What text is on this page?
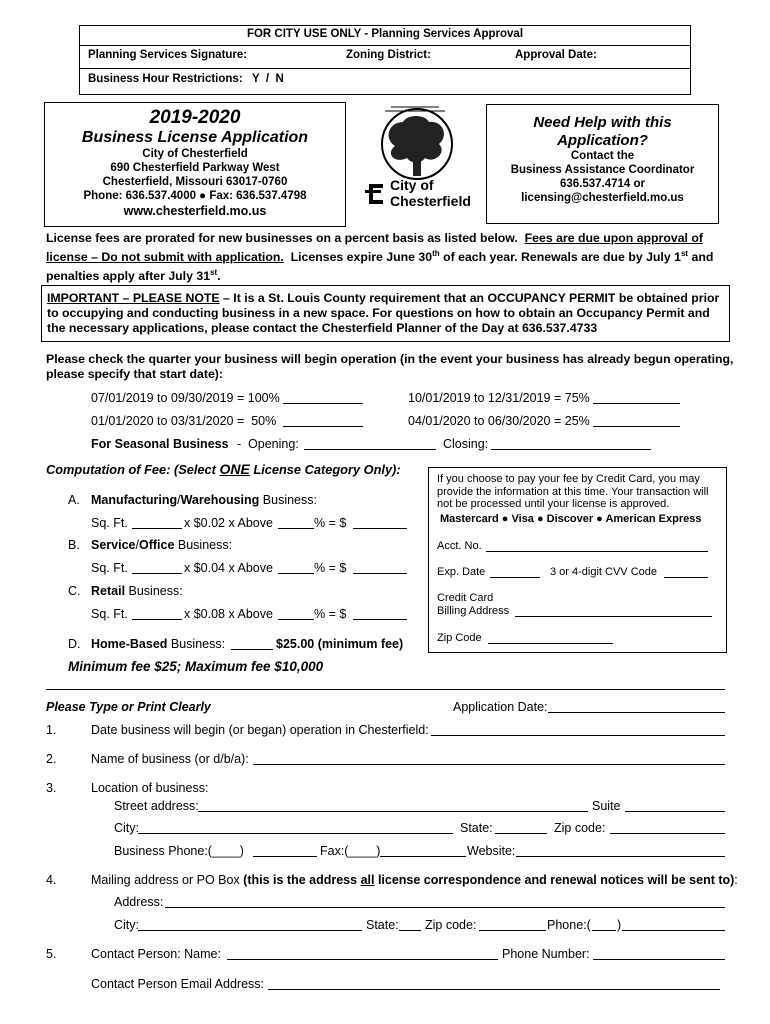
FOR CITY USE ONLY - Planning Services Approval
Planning Services Signature:	Zoning District:	Approval Date:
Business Hour Restrictions:   Y  /  N
2019-2020
Business License Application
City of Chesterfield
690 Chesterfield Parkway West
Chesterfield, Missouri 63017-0760
Phone: 636.537.4000 ● Fax: 636.537.4798
www.chesterfield.mo.us
City of
Chesterfield
Need Help with this
Application?
Contact the
Business Assistance Coordinator
636.537.4714 or
licensing@chesterfield.mo.us
License fees are prorated for new businesses on a percent basis as listed below.  Fees are due upon approval of license – Do not submit with application.  Licenses expire June 30th of each year. Renewals are due by July 1st and penalties apply after July 31st.
IMPORTANT – PLEASE NOTE – It is a St. Louis County requirement that an OCCUPANCY PERMIT be obtained prior to occupying and conducting business in a new space. For questions on how to obtain an Occupancy Permit and the necessary applications, please contact the Chesterfield Planner of the Day at 636.537.4733
Please check the quarter your business will begin operation (in the event your business has already begun operating, please specify that start date):
07/01/2019 to 09/30/2019 = 100%	10/01/2019 to 12/31/2019 = 75%
01/01/2020 to 03/31/2020 =  50%	04/01/2020 to 06/30/2020 = 25%
For Seasonal Business -  Opening:	Closing:
Computation of Fee: (Select ONE License Category Only):
A. Manufacturing/Warehousing Business:
Sq. Ft.	x $0.02 x Above	% = $
B. Service/Office Business:
Sq. Ft.	x $0.04 x Above	% = $
C. Retail Business:
Sq. Ft.	x $0.08 x Above	% = $
D. Home-Based Business:	$25.00 (minimum fee)
Minimum fee $25; Maximum fee $10,000
If you choose to pay your fee by Credit Card, you may provide the information at this time. Your transaction will not be processed until your license is approved.
Mastercard ● Visa ● Discover ● American Express
Acct. No.
Exp. Date	3 or 4-digit CVV Code
Credit Card
Billing Address
Zip Code
Please Type or Print Clearly	Application Date:
1.	Date business will begin (or began) operation in Chesterfield:
2.	Name of business (or d/b/a):
3.	Location of business:
Street address:	Suite
City:	State:	Zip code:
Business Phone:(____)	Fax:(____)	Website:
4.	Mailing address or PO Box (this is the address all license correspondence and renewal notices will be sent to):
Address:
City:	State: Zip code:	Phone:( )
5.	Contact Person: Name:	Phone Number:
Contact Person Email Address:
